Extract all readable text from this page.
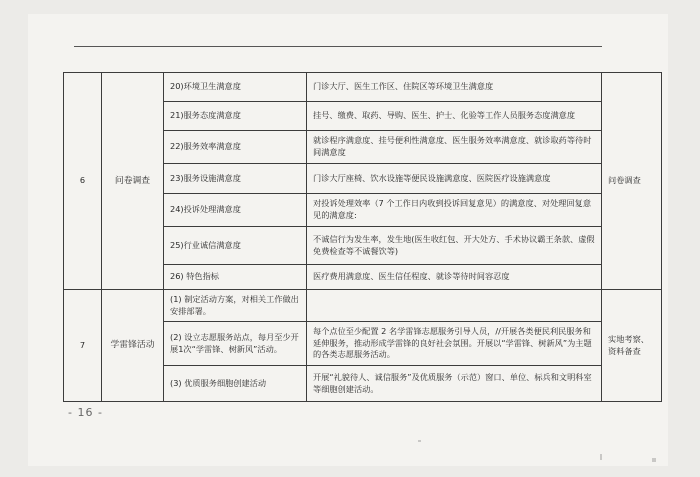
6	问卷调查	20)环境卫生满意度	门诊大厅、医生工作区、住院区等环境卫生满意度	问卷调查
		21)服务态度满意度	挂号、缴费、取药、导购、医生、护士、化验等工作人员服务态度满意度	
		22)服务效率满意度	就诊程序满意度、挂号便利性满意度、医生服务效率满意度、就诊取药等待时间满意度	
		23)服务设施满意度	门诊大厅座椅、饮水设施等便民设施满意度、医院医疗设施满意度	
		24)投诉处理满意度	对投诉处理效率（7 个工作日内收到投诉回复意见）的满意度、对处理回复意见的满意度:	
		25)行业诚信满意度	不诚信行为发生率，发生地(医生收红包、开大处方、手术协议霸王条款、虚假免费检查等不诚餐饮等)	
		26) 特色指标	医疗费用满意度、医生信任程度、就诊等待时间容忍度	
7	学雷锋活动	(1) 制定活动方案，对相关工作做出安排部署。		实地考察、资料备查
		(2) 设立志愿服务站点，每月至少开展1次“学雷锋、树新风”活动。	每个点位至少配置 2 名学雷锋志愿服务引导人员，//开展各类便民利民服务和延伸服务，推动形成学雷锋的良好社会氛围。开展以“学雷锋、树新风”为主题的各类志愿服务活动。	
		(3) 优质服务细胞创建活动	开展“礼貌待人、诚信服务”及优质服务（示范）窗口、单位、标兵和文明科室等细胞创建活动。	
- 16 -
